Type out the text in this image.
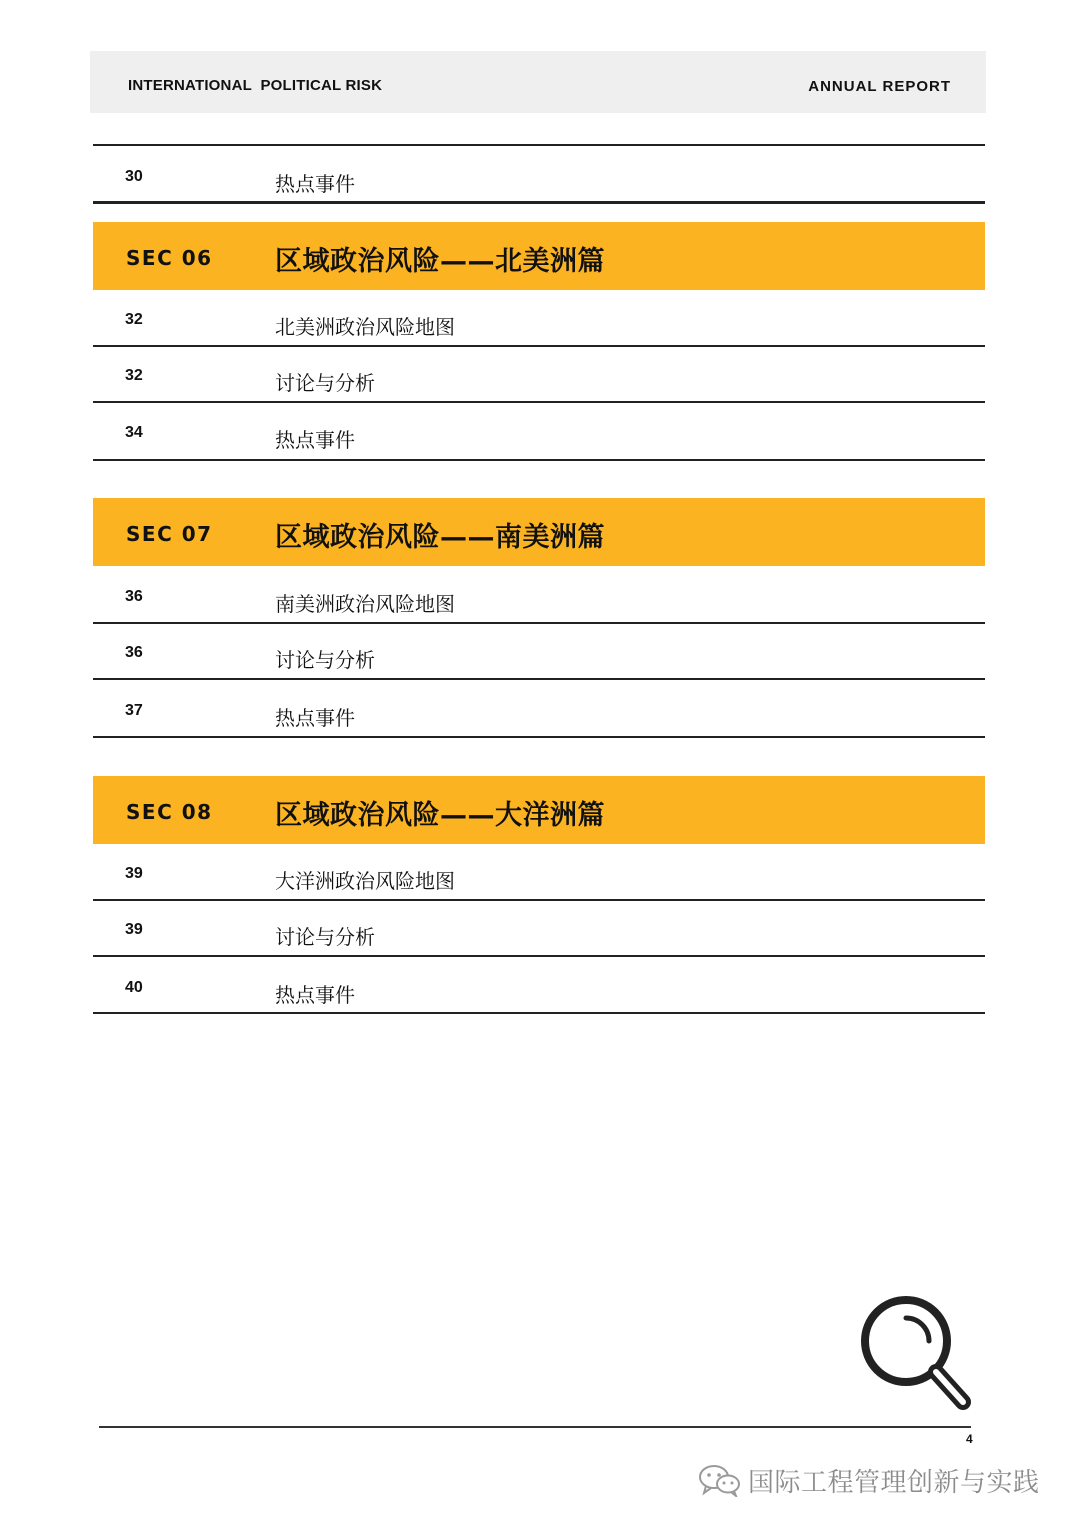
INTERNATIONAL  POLITICAL RISK	ANNUAL REPORT
30	热点事件
SEC 06 区域政治风险——北美洲篇
32	北美洲政治风险地图
32	讨论与分析
34	热点事件
SEC 07 区域政治风险——南美洲篇
36	南美洲政治风险地图
36	讨论与分析
37	热点事件
SEC 08 区域政治风险——大洋洲篇
39	大洋洲政治风险地图
39	讨论与分析
40	热点事件
4
国际工程管理创新与实践
